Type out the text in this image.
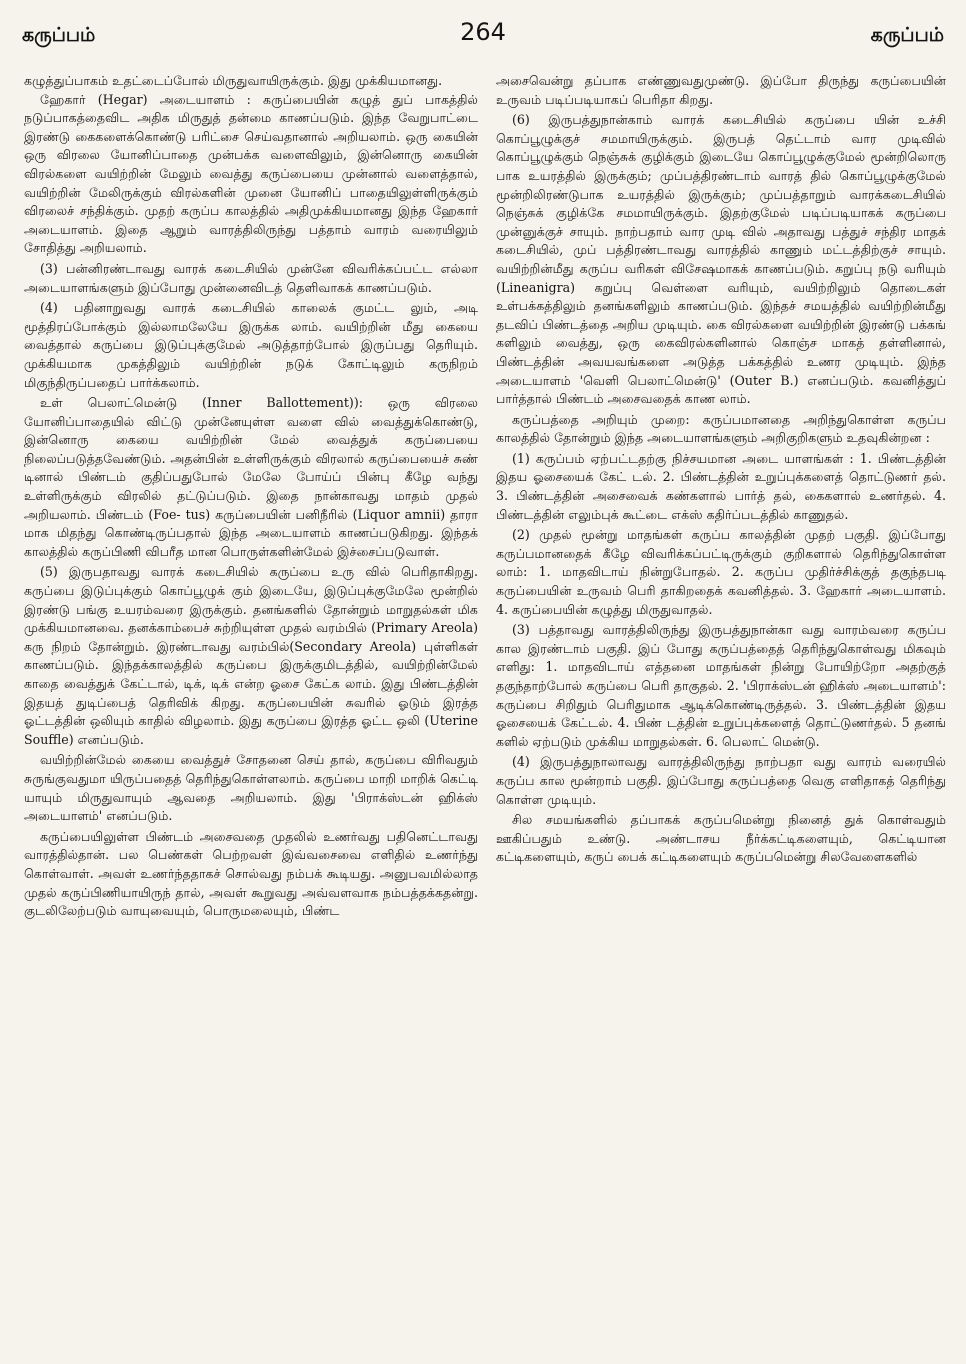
கருப்பம்	264	கருப்பம்

கழுத்துப்பாகம் உதட்டைப்போல் மிருதுவாயிருக்கும். இது முக்கியமானது.

ஹேகார் (Hegar) அடையாளம் : கருப்பையின் கழுத் துப் பாகத்தில் நடுப்பாகத்தைவிட அதிக மிருதுத் தன்மை காணப்படும். இந்த வேறுபாட்டை இரண்டு கைகளைக்கொண்டு பரிட்சை செய்வதானால் அறியலாம். ஒரு கையின் ஒரு விரலை யோனிப்பாதை முன்பக்க வளைவிலும், இன்னொரு கையின் விரல்களை வயிற்றின் மேலும் வைத்து கருப்பையை முன்னால் வளைத்தால், வயிற்றின் மேலிருக்கும் விரல்களின் முனை யோனிப் பாதையிலுள்ளிருக்கும் விரலைச் சந்திக்கும். முதற் கருப்ப காலத்தில் அதிமுக்கியமானது இந்த ஹேகார் அடையாளம். இதை ஆறும் வாரத்திலிருந்து பத்தாம் வாரம் வரையிலும் சோதித்து அறியலாம்.

(3) பன்னிரண்டாவது வாரக் கடைசியில் முன்னே விவரிக்கப்பட்ட எல்லா அடையாளங்களும் இப்போது முன்னைவிடத் தெளிவாகக் காணப்படும்.

(4) பதினாறுவது வாரக் கடைசியில் காலைக் குமட்ட லும், அடி மூத்திரப்போக்கும் இல்லாமலேயே இருக்க லாம். வயிற்றின் மீது கையை வைத்தால் கருப்பை இடுப்புக்குமேல் அடுத்தாற்போல் இருப்பது தெரியும். முக்கியமாக முகத்திலும் வயிற்றின் நடுக் கோட்டிலும் கருநிறம் மிகுந்திருப்பதைப் பார்க்கலாம்.

உள் பெலாட்மென்டு (Inner Ballottement)): ஒரு விரலை யோனிப்பாதையில் விட்டு முன்னேயுள்ள வளை வில் வைத்துக்கொண்டு, இன்னொரு கையை வயிற்றின் மேல் வைத்துக் கருப்பையை நிலைப்படுத்தவேண்டும். அதன்பின் உள்ளிருக்கும் விரலால் கருப்பையைச் சுண் டினால் பிண்டம் குதிப்பதுபோல் மேலே போய்ப் பின்பு கீழே வந்து உள்ளிருக்கும் விரலில் தட்டுப்படும். இதை நான்காவது மாதம் முதல் அறியலாம். பிண்டம் (Foe- tus) கருப்பையின் பனிநீரில் (Liquor amnii) தாரா மாக மிதந்து கொண்டிருப்பதால் இந்த அடையாளம் காணப்படுகிறது. இந்தக் காலத்தில் கருப்பிணி விபரீத மான பொருள்களின்மேல் இச்சைப்படுவாள்.

(5) இருபதாவது வாரக் கடைசியில் கருப்பை உரு வில் பெரிதாகிறது. கருப்பை இடுப்புக்கும் கொப்பூழுக் கும் இடையே, இடுப்புக்குமேலே மூன்றில் இரண்டு பங்கு உயரம்வரை இருக்கும். தனங்களில் தோன்றும் மாறுதல்கள் மிக முக்கியமானவை. தனக்காம்பைச் சுற்றியுள்ள முதல் வரம்பில் (Primary Areola) கரு நிறம் தோன்றும். இரண்டாவது வரம்பில்(Secondary Areola) புள்ளிகள் காணப்படும். இந்தக்காலத்தில் கருப்பை இருக்குமிடத்தில், வயிற்றின்மேல் காதை வைத்துக் கேட்டால், டிக், டிக் என்ற ஓசை கேட்க லாம். இது பிண்டத்தின் இதயத் துடிப்பைத் தெரிவிக் கிறது. கருப்பையின் சுவரில் ஓடும் இரத்த ஓட்டத்தின் ஒலியும் காதில் விழலாம். இது கருப்பை இரத்த ஓட்ட ஒலி (Uterine Souffle) எனப்படும்.

வயிற்றின்மேல் கையை வைத்துச் சோதனை செய் தால், கருப்பை விரிவதும் சுருங்குவதுமா யிருப்பதைத் தெரிந்துகொள்ளலாம். கருப்பை மாறி மாறிக் கெட்டி யாயும் மிருதுவாயும் ஆவதை அறியலாம். இது 'பிராக்ஸ்டன் ஹிக்ஸ் அடையாளம்' எனப்படும்.

கருப்பையிலுள்ள பிண்டம் அசைவதை முதலில் உணர்வது பதினெட்டாவது வாரத்தில்தான். பல பெண்கள் பெற்றவள் இவ்வசைவை எளிதில் உணர்ந்து கொள்வாள். அவள் உணர்ந்ததாகச் சொல்வது நம்பக் கூடியது. அனுபவமில்லாத முதல் கருப்பிணியாயிருந் தால், அவள் கூறுவது அவ்வளவாக நம்பத்தக்கதன்று. குடலிலேற்படும் வாயுவையும், பொருமலையும், பிண்ட

அசைவென்று தப்பாக எண்ணுவதுமுண்டு. இப்போ திருந்து கருப்பையின் உருவம் படிப்படியாகப் பெரிதா கிறது.

(6) இருபத்துநான்காம் வாரக் கடைசியில் கருப்பை யின் உச்சி கொப்பூழுக்குச் சமமாயிருக்கும். இருபத் தெட்டாம் வார முடிவில் கொப்பூழுக்கும் நெஞ்சுக் குழிக்கும் இடையே கொப்பூழுக்குமேல் மூன்றிலொரு பாக உயரத்தில் இருக்கும்; முப்பத்திரண்டாம் வாரத் தில் கொப்பூழுக்குமேல் மூன்றிலிரண்டுபாக உயரத்தில் இருக்கும்; முப்பத்தாறும் வாரக்கடைசியில் நெஞ்சுக் குழிக்கே சமமாயிருக்கும். இதற்குமேல் படிப்படியாகக் கருப்பை முன்னுக்குச் சாயும். நாற்பதாம் வார முடி வில் அதாவது பத்துச் சந்திர மாதக் கடைசியில், முப் பத்திரண்டாவது வாரத்தில் காணும் மட்டத்திற்குச் சாயும். வயிற்றின்மீது கருப்ப வரிகள் விசேஷமாகக் காணப்படும். கறுப்பு நடு வரியும் (Lineanigra) கறுப்பு வெள்ளை வரியும், வயிற்றிலும் தொடைகள் உள்பக்கத்திலும் தனங்களிலும் காணப்படும். இந்தச் சமயத்தில் வயிற்றின்மீது தடவிப் பிண்டத்தை அறிய முடியும். கை விரல்களை வயிற்றின் இரண்டு பக்கங் களிலும் வைத்து, ஒரு கைவிரல்களினால் கொஞ்ச மாகத் தள்ளினால், பிண்டத்தின் அவயவங்களை அடுத்த பக்கத்தில் உணர முடியும். இந்த அடையாளம் 'வெளி பெலாட்மென்டு' (Outer B.) எனப்படும். கவனித்துப் பார்த்தால் பிண்டம் அசைவதைக் காண லாம்.

கருப்பத்தை அறியும் முறை: கருப்பமானதை அறிந்துகொள்ள கருப்ப காலத்தில் தோன்றும் இந்த அடையாளங்களும் அறிகுறிகளும் உதவுகின்றன :

(1) கருப்பம் ஏற்பட்டதற்கு நிச்சயமான அடை யாளங்கள் : 1. பிண்டத்தின் இதய ஓசையைக் கேட் டல். 2. பிண்டத்தின் உறுப்புக்களைத் தொட்டுணர் தல். 3. பிண்டத்தின் அசைவைக் கண்களால் பார்த் தல், கைகளால் உணர்தல். 4. பிண்டத்தின் எலும்புக் கூட்டை எக்ஸ் கதிர்ப்படத்தில் காணுதல்.

(2) முதல் மூன்று மாதங்கள் கருப்ப காலத்தின் முதற் பகுதி. இப்போது கருப்பமானதைக் கீழே விவரிக்கப்பட்டிருக்கும் குறிகளால் தெரிந்துகொள்ள லாம்: 1. மாதவிடாய் நின்றுபோதல். 2. கருப்ப முதிர்ச்சிக்குத் தகுந்தபடி கருப்பையின் உருவம் பெரி தாகிறதைக் கவனித்தல். 3. ஹேகார் அடையாளம். 4. கருப்பையின் கழுத்து மிருதுவாதல்.

(3) பத்தாவது வாரத்திலிருந்து இருபத்துநான்கா வது வாரம்வரை கருப்ப கால இரண்டாம் பகுதி. இப் போது கருப்பத்தைத் தெரிந்துகொள்வது மிகவும் எளிது: 1. மாதவிடாய் எத்தனை மாதங்கள் நின்று போயிற்றோ அதற்குத் தகுந்தாற்போல் கருப்பை பெரி தாகுதல். 2. 'பிராக்ஸ்டன் ஹிக்ஸ் அடையாளம்': கருப்பை சிறிதும் பெரிதுமாக ஆடிக்கொண்டிருத்தல். 3. பிண்டத்தின் இதய ஓசையைக் கேட்டல். 4. பிண் டத்தின் உறுப்புக்களைத் தொட்டுணர்தல். 5 தனங் களில் ஏற்படும் முக்கிய மாறுதல்கள். 6. பெலாட் மென்டு.

(4) இருபத்துநாலாவது வாரத்திலிருந்து நாற்பதா வது வாரம் வரையில் கருப்ப கால மூன்றாம் பகுதி. இப்போது கருப்பத்தை வெகு எளிதாகத் தெரிந்து கொள்ள முடியும்.

சில சமயங்களில் தப்பாகக் கருப்பமென்று நினைத் துக் கொள்வதும் ஊகிப்பதும் உண்டு. அண்டாசய நீர்க்கட்டிகளையும், கெட்டியான கட்டிகளையும், கருப் பைக் கட்டிகளையும் கருப்பமென்று சிலவேளைகளில்
